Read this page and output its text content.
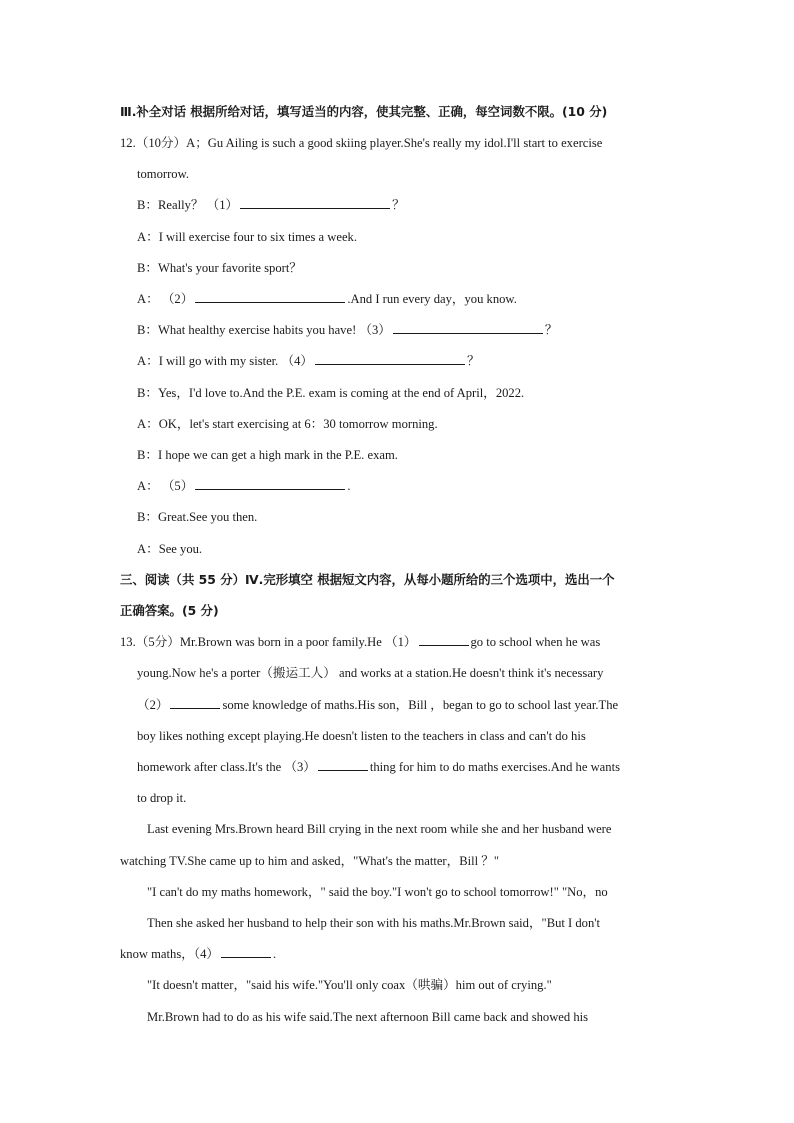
Ⅲ.补全对话 根据所给对话，填写适当的内容，使其完整、正确，每空词数不限。(10 分)
12.（10分）A；Gu Ailing is such a good skiing player.She's really my idol.I'll start to exercise
tomorrow.
B：Really？ （1）	？
A：I will exercise four to six times a week.
B：What's your favorite sport？
A： （2）	.And I run every day，you know.
B：What healthy exercise habits you have! （3）	？
A：I will go with my sister. （4）	？
B：Yes，I'd love to.And the P.E. exam is coming at the end of April，2022.
A：OK，let's start exercising at 6：30 tomorrow morning.
B：I hope we can get a high mark in the P.E. exam.
A： （5）	.
B：Great.See you then.
A：See you.
三、阅读（共 55 分）Ⅳ.完形填空 根据短文内容，从每小题所给的三个选项中，选出一个
正确答案。(5 分)
13.（5分）Mr.Brown was born in a poor family.He （1）	go to school when he was
young.Now he's a porter（搬运工人） and works at a station.He doesn't think it's necessary
（2）	some knowledge of maths.His son，Bill ，began to go to school last year.The
boy likes nothing except playing.He doesn't listen to the teachers in class and can't do his
homework after class.It's the （3）	thing for him to do maths exercises.And he wants
to drop it.
Last evening Mrs.Brown heard Bill crying in the next room while she and her husband were
watching TV.She came up to him and asked，"What's the matter，Bill ？"
"I can't do my maths homework，" said the boy."I won't go to school tomorrow!" "No，no
Then she asked her husband to help their son with his maths.Mr.Brown said，"But I don't
know maths，（4）	.
"It doesn't matter，"said his wife."You'll only coax（哄骗）him out of crying."
Mr.Brown had to do as his wife said.The next afternoon Bill came back and showed his
